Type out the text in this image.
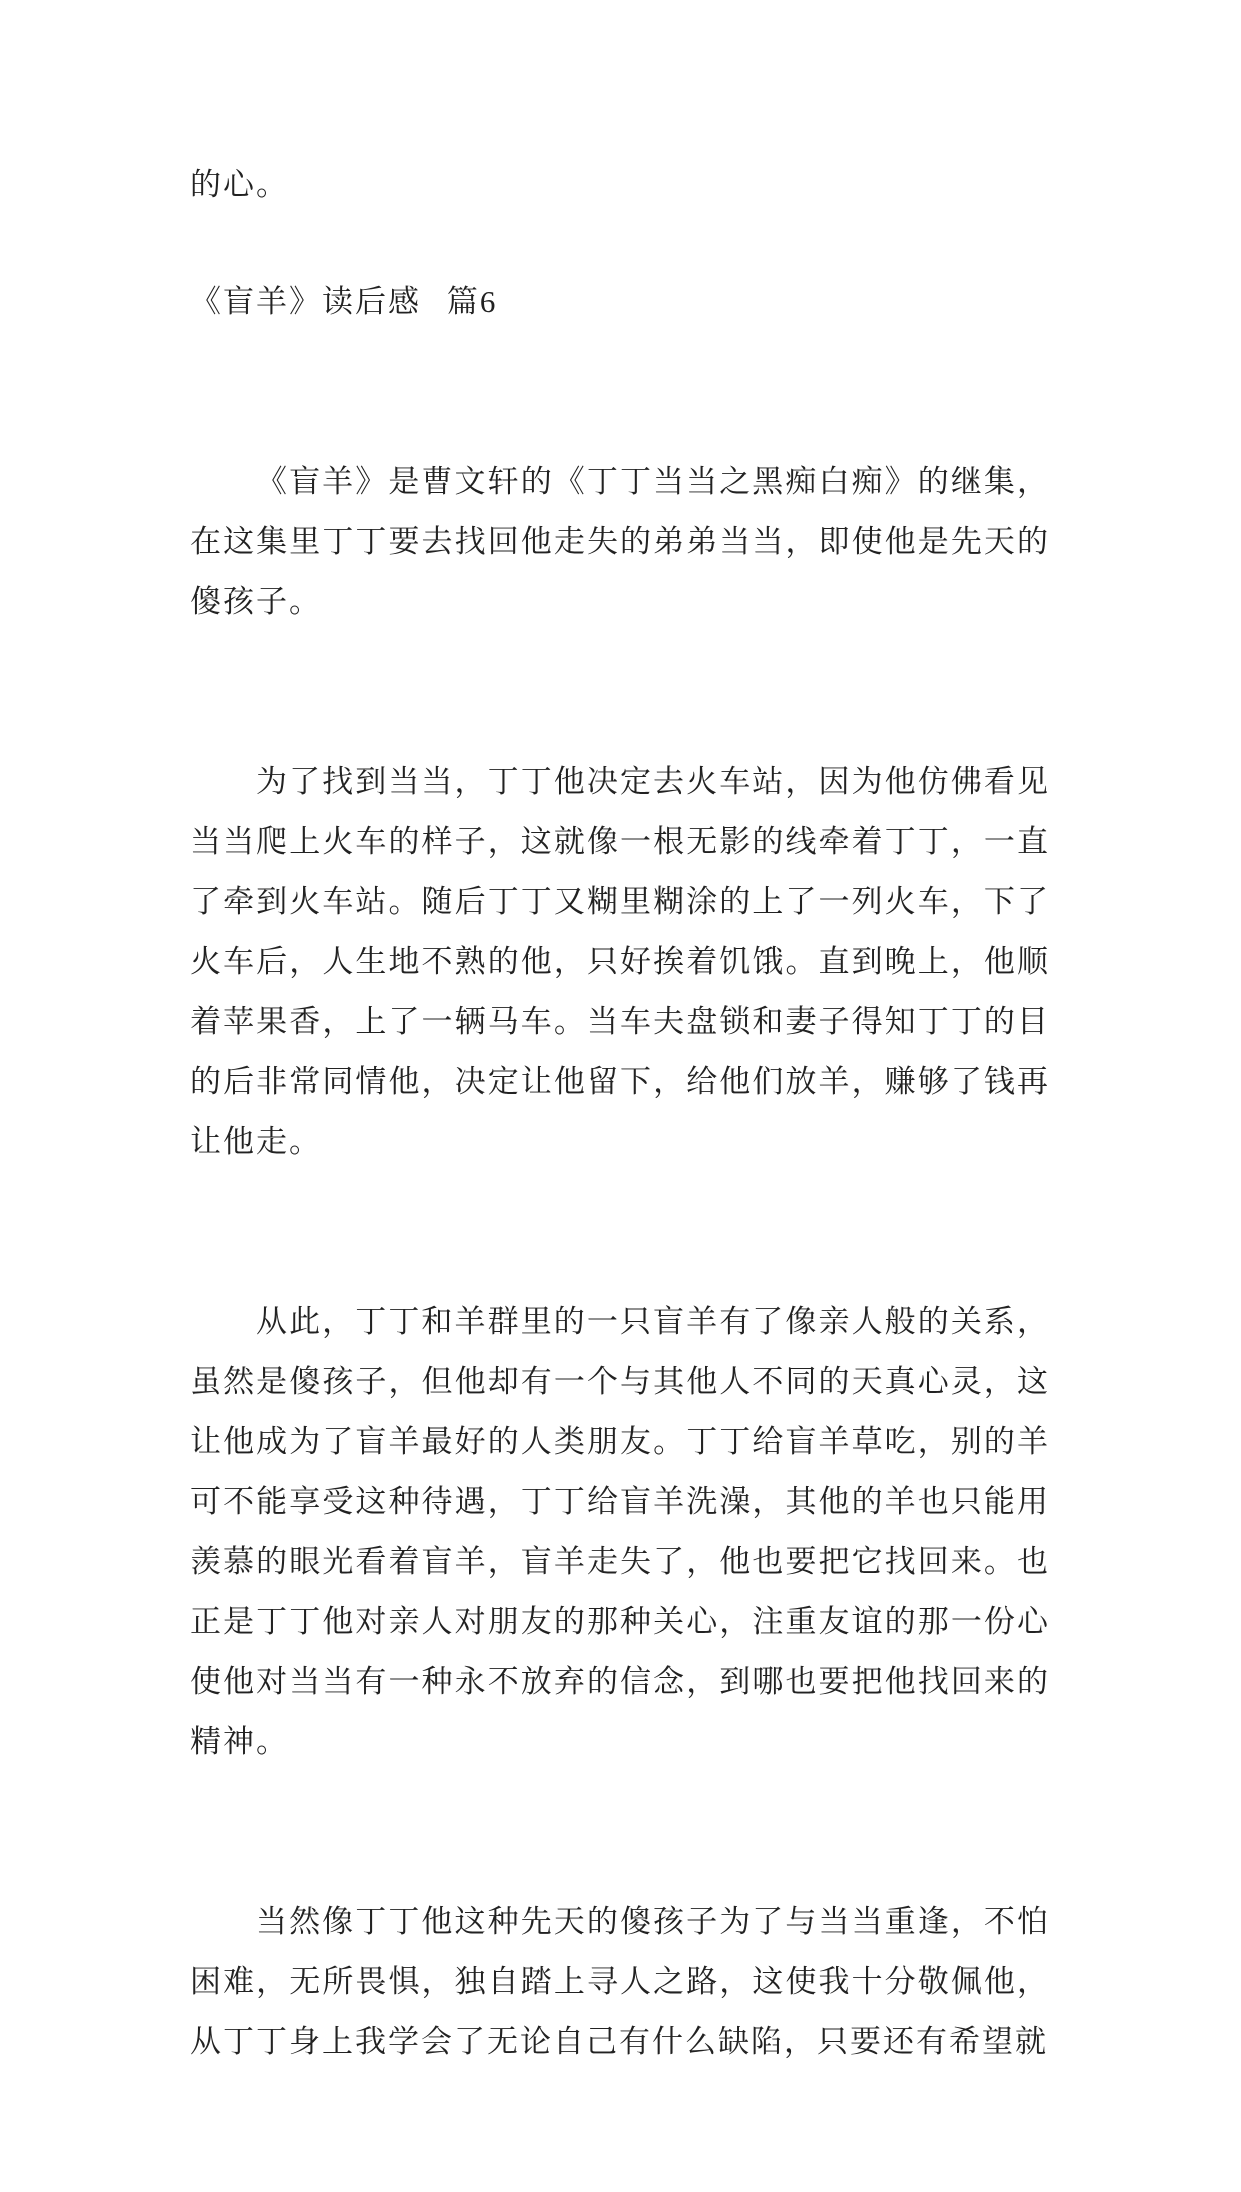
的心。
《盲羊》读后感 篇6

《盲羊》是曹文轩的《丁丁当当之黑痴白痴》的继集，在这集里丁丁要去找回他走失的弟弟当当，即使他是先天的傻孩子。

为了找到当当，丁丁他决定去火车站，因为他仿佛看见当当爬上火车的样子，这就像一根无影的线牵着丁丁，一直了牵到火车站。随后丁丁又糊里糊涂的上了一列火车，下了火车后，人生地不熟的他，只好挨着饥饿。直到晚上，他顺着苹果香，上了一辆马车。当车夫盘锁和妻子得知丁丁的目的后非常同情他，决定让他留下，给他们放羊，赚够了钱再让他走。

从此，丁丁和羊群里的一只盲羊有了像亲人般的关系，虽然是傻孩子，但他却有一个与其他人不同的天真心灵，这让他成为了盲羊最好的人类朋友。丁丁给盲羊草吃，别的羊可不能享受这种待遇，丁丁给盲羊洗澡，其他的羊也只能用羡慕的眼光看着盲羊，盲羊走失了，他也要把它找回来。也正是丁丁他对亲人对朋友的那种关心，注重友谊的那一份心使他对当当有一种永不放弃的信念，到哪也要把他找回来的精神。

当然像丁丁他这种先天的傻孩子为了与当当重逢，不怕困难，无所畏惧，独自踏上寻人之路，这使我十分敬佩他，从丁丁身上我学会了无论自己有什么缺陷，只要还有希望就
